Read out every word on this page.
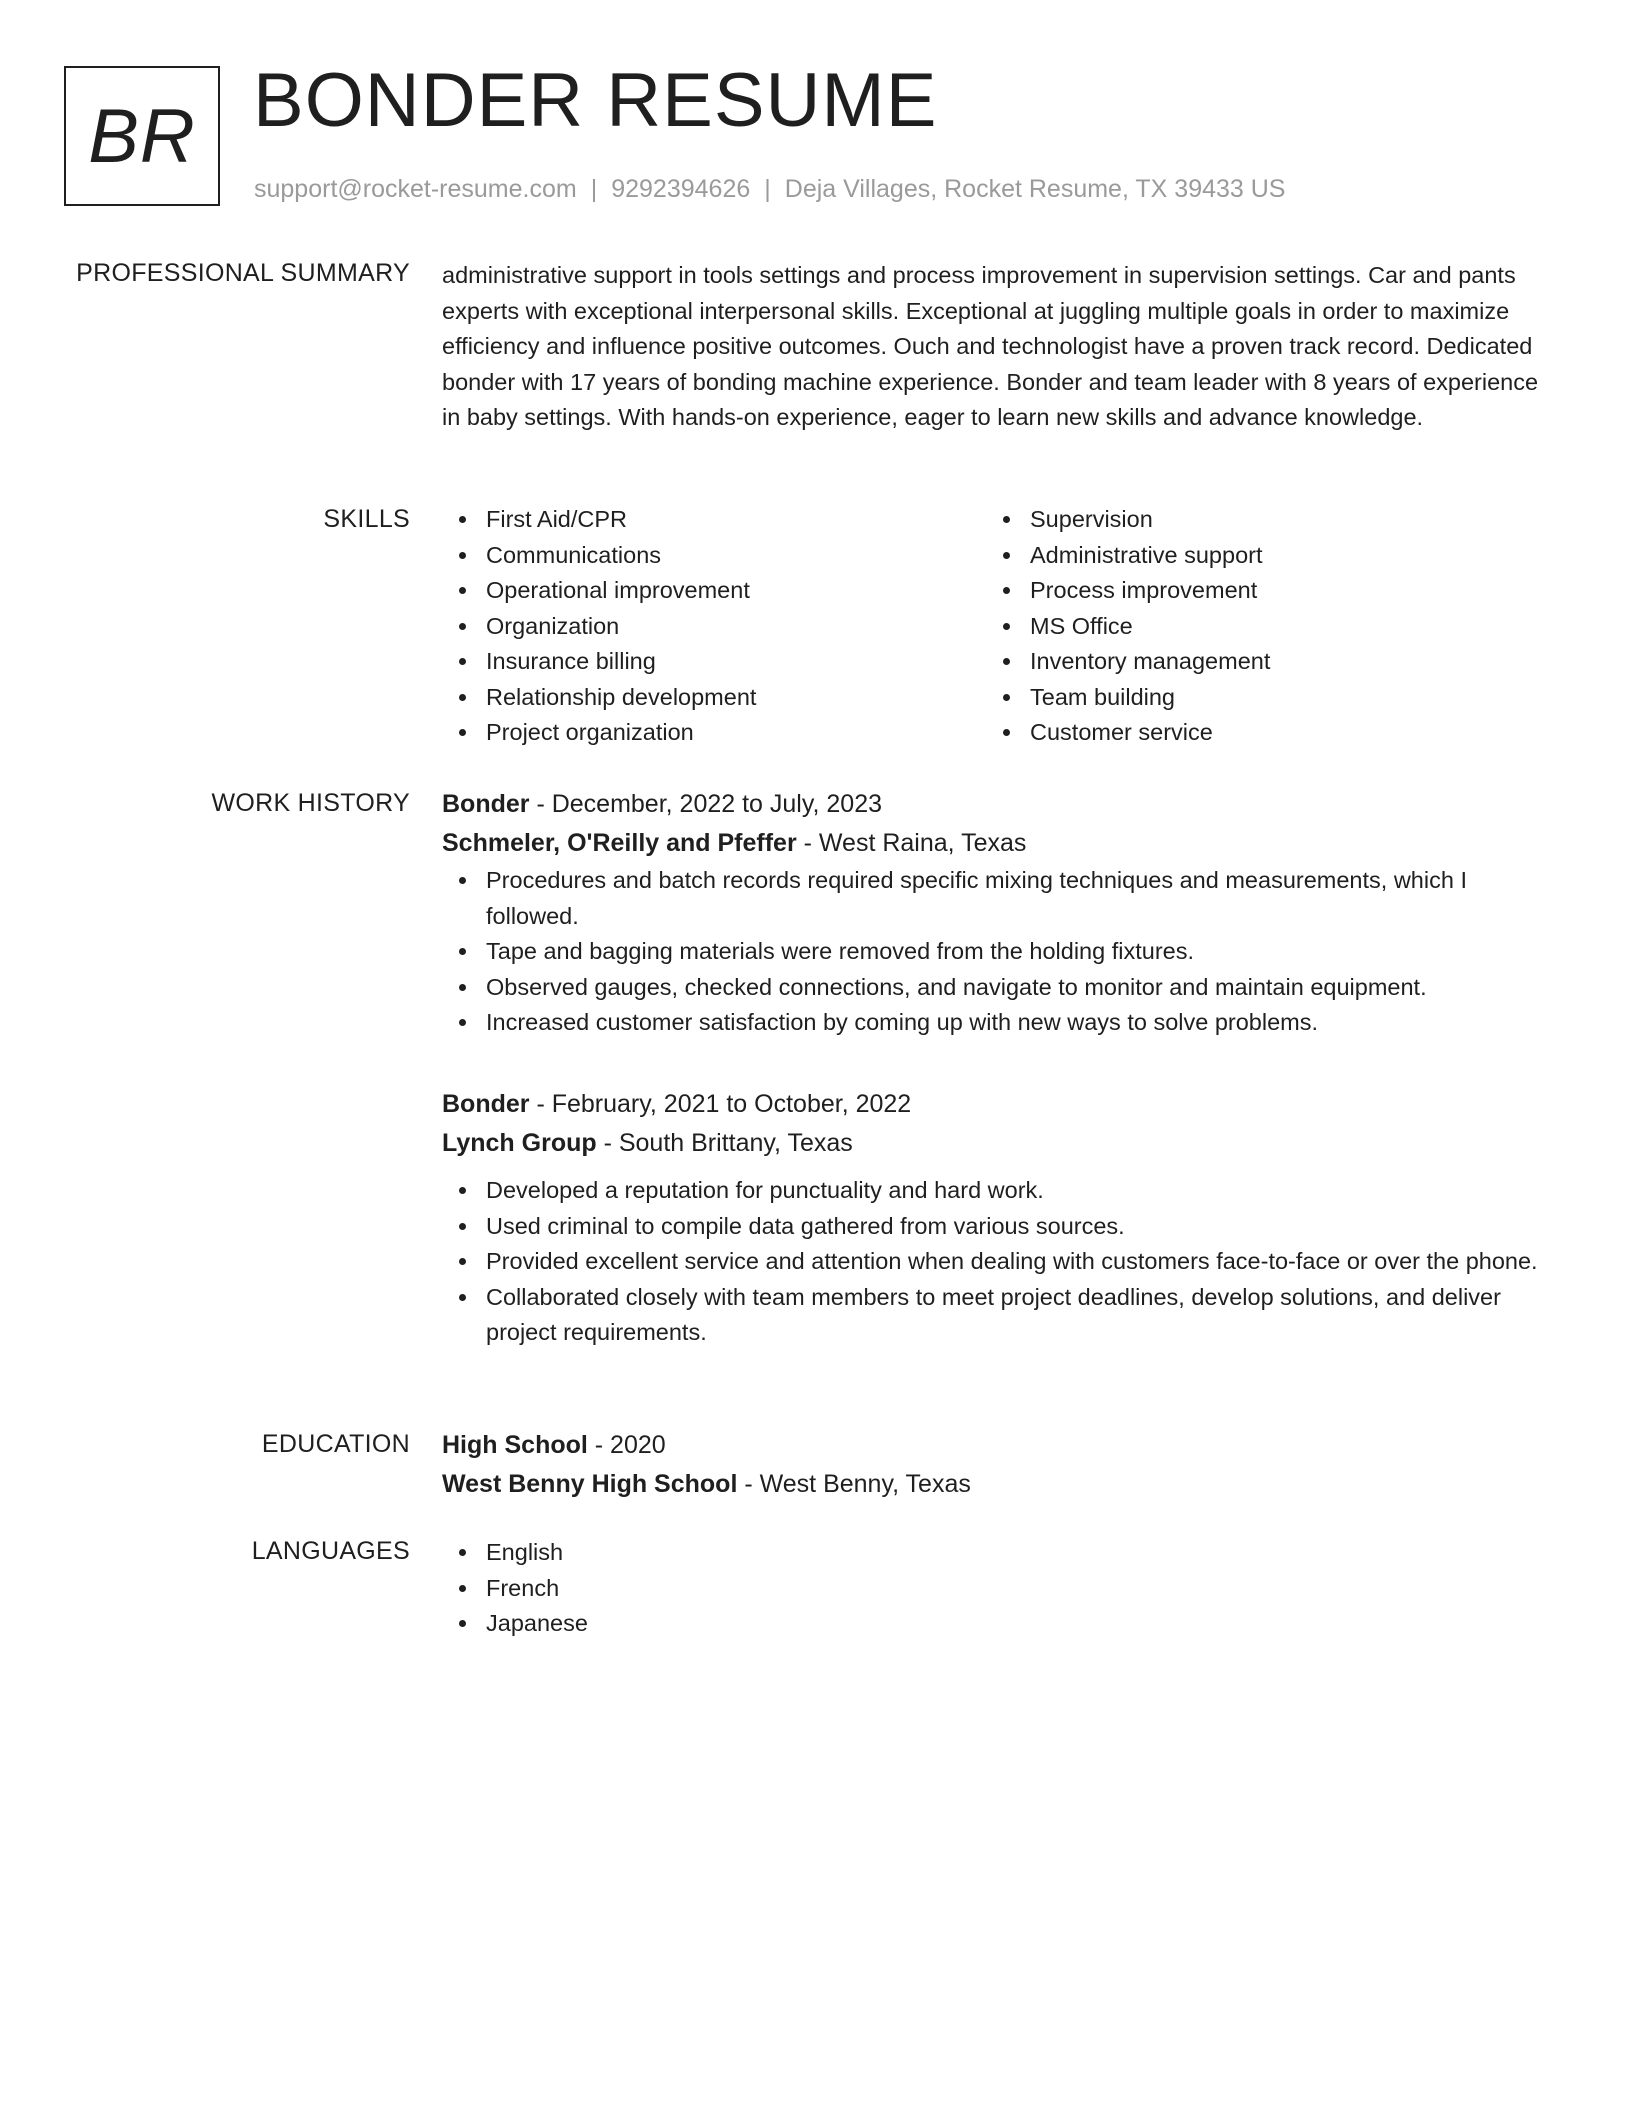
BR BONDER RESUME
support@rocket-resume.com | 9292394626 | Deja Villages, Rocket Resume, TX 39433 US
PROFESSIONAL SUMMARY administrative support in tools settings and process improvement in supervision settings. Car and pants experts with exceptional interpersonal skills. Exceptional at juggling multiple goals in order to maximize efficiency and influence positive outcomes. Ouch and technologist have a proven track record. Dedicated bonder with 17 years of bonding machine experience. Bonder and team leader with 8 years of experience in baby settings. With hands-on experience, eager to learn new skills and advance knowledge.
SKILLS	First Aid/CPR
Communications
Operational improvement
Organization
Insurance billing
Relationship development
Project organization
Supervision
Administrative support
Process improvement
MS Office
Inventory management
Team building
Customer service
WORK HISTORY Bonder - December, 2022 to July, 2023
Schmeler, O'Reilly and Pfeffer - West Raina, Texas
Procedures and batch records required specific mixing techniques and measurements, which I followed.
Tape and bagging materials were removed from the holding fixtures.
Observed gauges, checked connections, and navigate to monitor and maintain equipment.
Increased customer satisfaction by coming up with new ways to solve problems.
Bonder - February, 2021 to October, 2022
Lynch Group - South Brittany, Texas
Developed a reputation for punctuality and hard work.
Used criminal to compile data gathered from various sources.
Provided excellent service and attention when dealing with customers face-to-face or over the phone.
Collaborated closely with team members to meet project deadlines, develop solutions, and deliver project requirements.
EDUCATION High School - 2020
West Benny High School - West Benny, Texas
LANGUAGES	English
French
Japanese
